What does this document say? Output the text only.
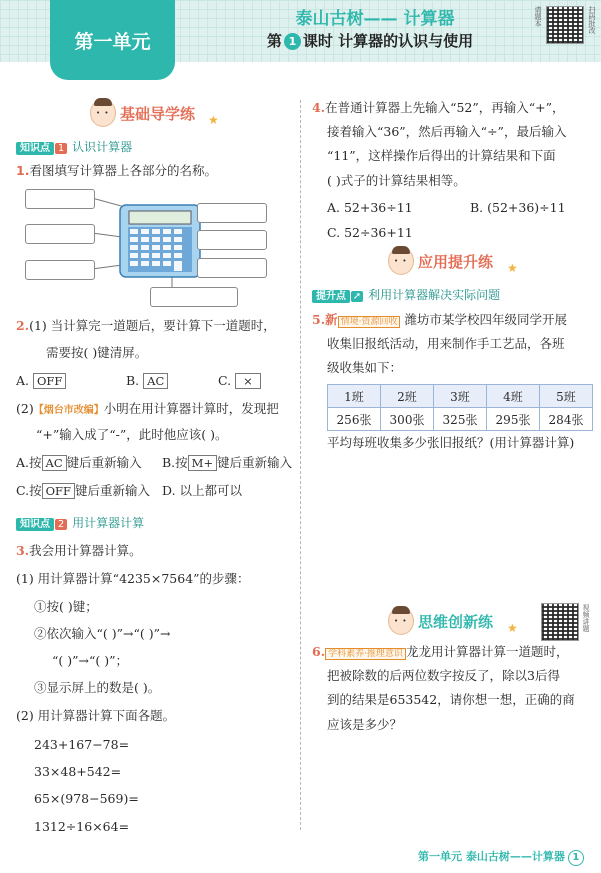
第一单元
泰山古树—— 计算器
第 1 课时 计算器的认识与使用
请题本	扫码批改
• •
基础导学练 ★
知识点 1 认识计算器
1.看图填写计算器上各部分的名称。
2.(1) 当计算完一道题后，要计算下一道题时，
需要按( )键清屏。
A. OFF	B. AC	C. ×
(2)【烟台市改编】小明在用计算器计算时，发现把
“+”输入成了“-”，此时他应该( )。
A.按 AC 键后重新输入 B.按 M+ 键后重新输入
C.按 OFF 键后重新输入 D. 以上都可以
知识点 2 用计算器计算
3.我会用计算器计算。
(1) 用计算器计算“4235×7564”的步骤：
①按( )键；
②依次输入“( )”→“( )”→
“( )”→“( )”；
③显示屏上的数是( )。
(2) 用计算器计算下面各题。
243+167−78=
33×48+542=
65×(978−569)=
1312÷16×64=
4.在普通计算器上先输入“52”，再输入“+”，
接着输入“36”，然后再输入“÷”，最后输入
“11”，这样操作后得出的计算结果和下面
( )式子的计算结果相等。
A. 52+36÷11	B. (52+36)÷11
C. 52÷36+11
• •
应用提升练 ★
提升点 ➚ 利用计算器解决实际问题
5.新 情境·资源回收 潍坊市某学校四年级同学开展
收集旧报纸活动，用来制作手工艺品，各班
级收集如下：
1班	2班	3班	4班	5班
256张	300张	325张	295张	284张
平均每班收集多少张旧报纸？(用计算器计算)
• •
思维创新练 ★	视频讲题
6. 学科素养·推理意识 龙龙用计算器计算一道题时，
把被除数的后两位数字按反了，除以3后得
到的结果是653542，请你想一想，正确的商
应该是多少？
第一单元 泰山古树——计算器 1
